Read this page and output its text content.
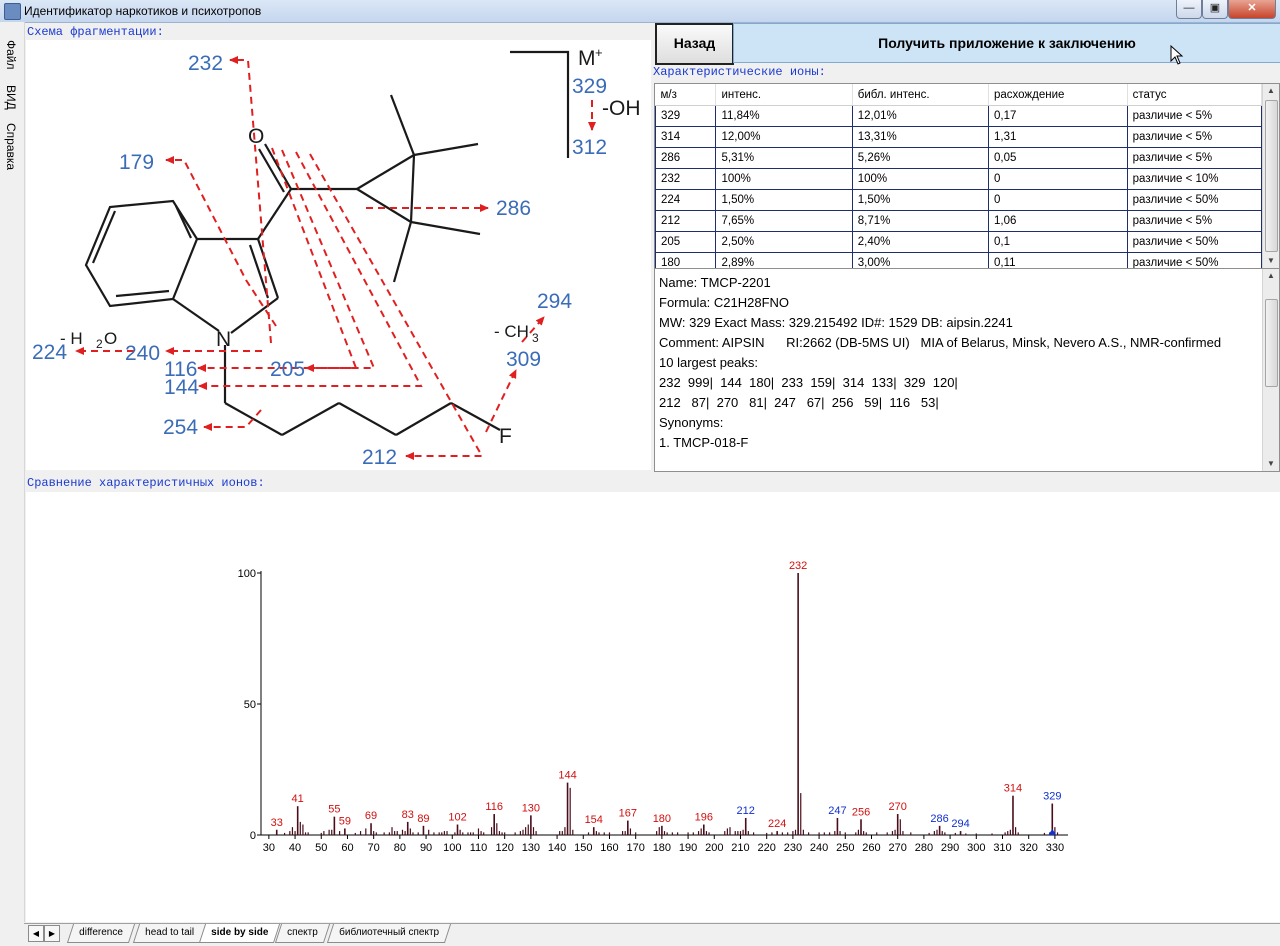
Идентификатор наркотиков и психотропов	—	▣	✕
Файл
ВИД
Справка
Схема фрагментации:
232
179
286
329
312
224	240
116
144
205
254
212
294
309
O
N
F
M +
-OH
- H 2 O	- CH 3
Назад	Получить приложение к заключению
Характеристические ионы:
м/з	интенс.	библ. интенс.	расхождение	статус
329	11,84%	12,01%	0,17	различие < 5%
314	12,00%	13,31%	1,31	различие < 5%
286	5,31%	5,26%	0,05	различие < 5%
232	100%	100%	0	различие < 10%
224	1,50%	1,50%	0	различие < 50%
212	7,65%	8,71%	1,06	различие < 5%
205	2,50%	2,40%	0,1	различие < 50%
180	2,89%	3,00%	0,11	различие < 50%
▲
▼
Name: TMCP-2201
Formula: C21H28FNO
MW: 329 Exact Mass: 329.215492 ID#: 1529 DB: aipsin.2241
Comment: AIPSIN      RI:2662 (DB-5MS UI)   MIA of Belarus, Minsk, Nevero A.S., NMR-confirmed
10 largest peaks:
232  999|  144  180|  233  159|  314  133|  329  120|
212   87|  270   81|  247   67|  256   59|  116   53|
Synonyms:
1. TMCP-018-F
▲
▼
Сравнение характеристичных ионов:
30 40 50 60 70 80 90 100 110 120 130 140 150 160 170 180 190 200 210 220 230 240 250 260 270 280 290 300 310 320 330
0
50
100
33
41
55
59 69 83 89 102
116 130
144
154
167 180 196
212
224
232
247 256 270
286 294
314
329
◀	▶	difference	head to tail	side by side	спектр	библиотечный спектр
